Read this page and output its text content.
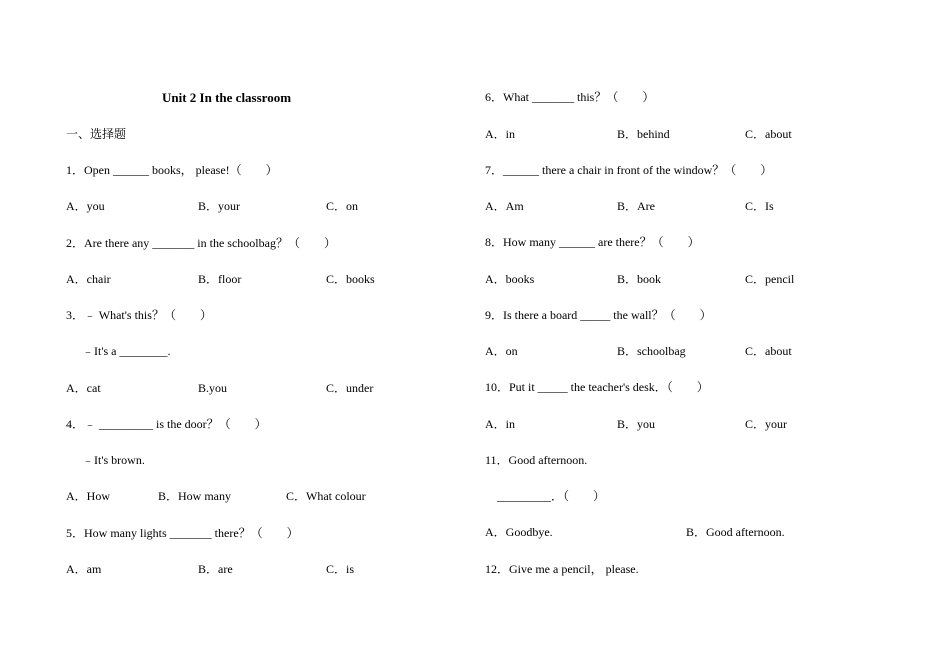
Unit 2 In the classroom
一、选择题
1．Open ______ books， please!（　　）
A．you	B．your	C．on
2．Are there any _______ in the schoolbag？（　　）
A．chair	B．floor	C．books
3．﹣ What's this？（　　）
﹣It's a ________.
A．cat	B.you	C．under
4．﹣ _________ is the door？（　　）
﹣It's brown.
A．How	B．How many	C．What colour
5．How many lights _______ there？（　　）
A．am	B．are	C．is
6．What _______ this？（　　）
A．in	B．behind	C．about
7．______ there a chair in front of the window？（　　）
A．Am	B．Are	C．Is
8．How many ______ are there？（　　）
A．books	B．book	C．pencil
9．Is there a board _____ the wall？（　　）
A．on	B．schoolbag	C．about
10．Put it _____ the teacher's desk．（　　）
A．in	B．you	C．your
11．Good afternoon.
_________．（　　）
A．Goodbye.	B．Good afternoon.
12．Give me a pencil， please.
